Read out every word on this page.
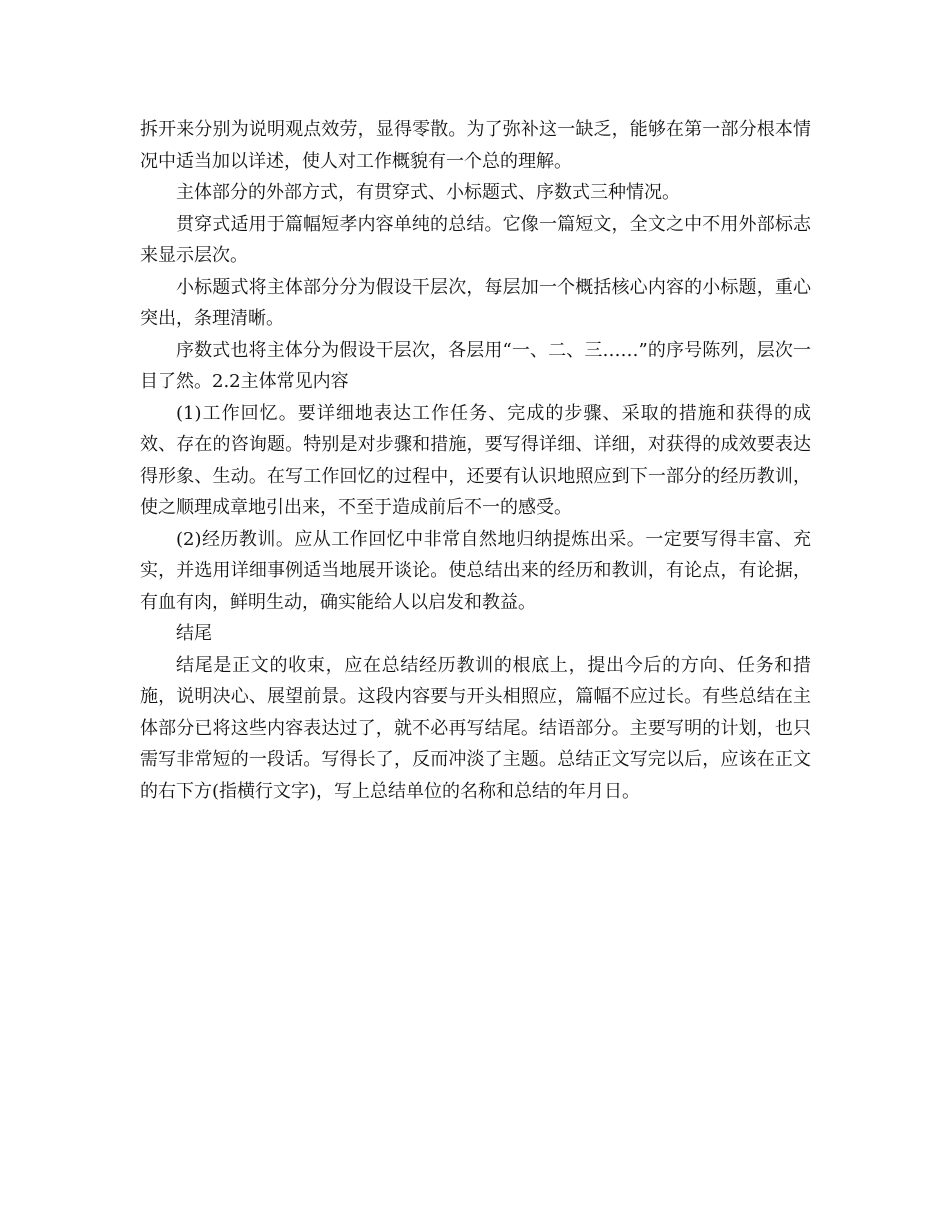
拆开来分别为说明观点效劳，显得零散。为了弥补这一缺乏，能够在第一部分根本情况中适当加以详述，使人对工作概貌有一个总的理解。

主体部分的外部方式，有贯穿式、小标题式、序数式三种情况。

贯穿式适用于篇幅短孝内容单纯的总结。它像一篇短文，全文之中不用外部标志来显示层次。

小标题式将主体部分分为假设干层次，每层加一个概括核心内容的小标题，重心突出，条理清晰。

序数式也将主体分为假设干层次，各层用“一、二、三……”的序号陈列，层次一目了然。2.2主体常见内容

(1)工作回忆。要详细地表达工作任务、完成的步骤、采取的措施和获得的成效、存在的咨询题。特别是对步骤和措施，要写得详细、详细，对获得的成效要表达得形象、生动。在写工作回忆的过程中，还要有认识地照应到下一部分的经历教训，使之顺理成章地引出来，不至于造成前后不一的感受。

(2)经历教训。应从工作回忆中非常自然地归纳提炼出采。一定要写得丰富、充实，并选用详细事例适当地展开谈论。使总结出来的经历和教训，有论点，有论据，有血有肉，鲜明生动，确实能给人以启发和教益。

结尾

结尾是正文的收束，应在总结经历教训的根底上，提出今后的方向、任务和措施，说明决心、展望前景。这段内容要与开头相照应，篇幅不应过长。有些总结在主体部分已将这些内容表达过了，就不必再写结尾。结语部分。主要写明的计划，也只需写非常短的一段话。写得长了，反而冲淡了主题。总结正文写完以后，应该在正文的右下方(指横行文字)，写上总结单位的名称和总结的年月日。
